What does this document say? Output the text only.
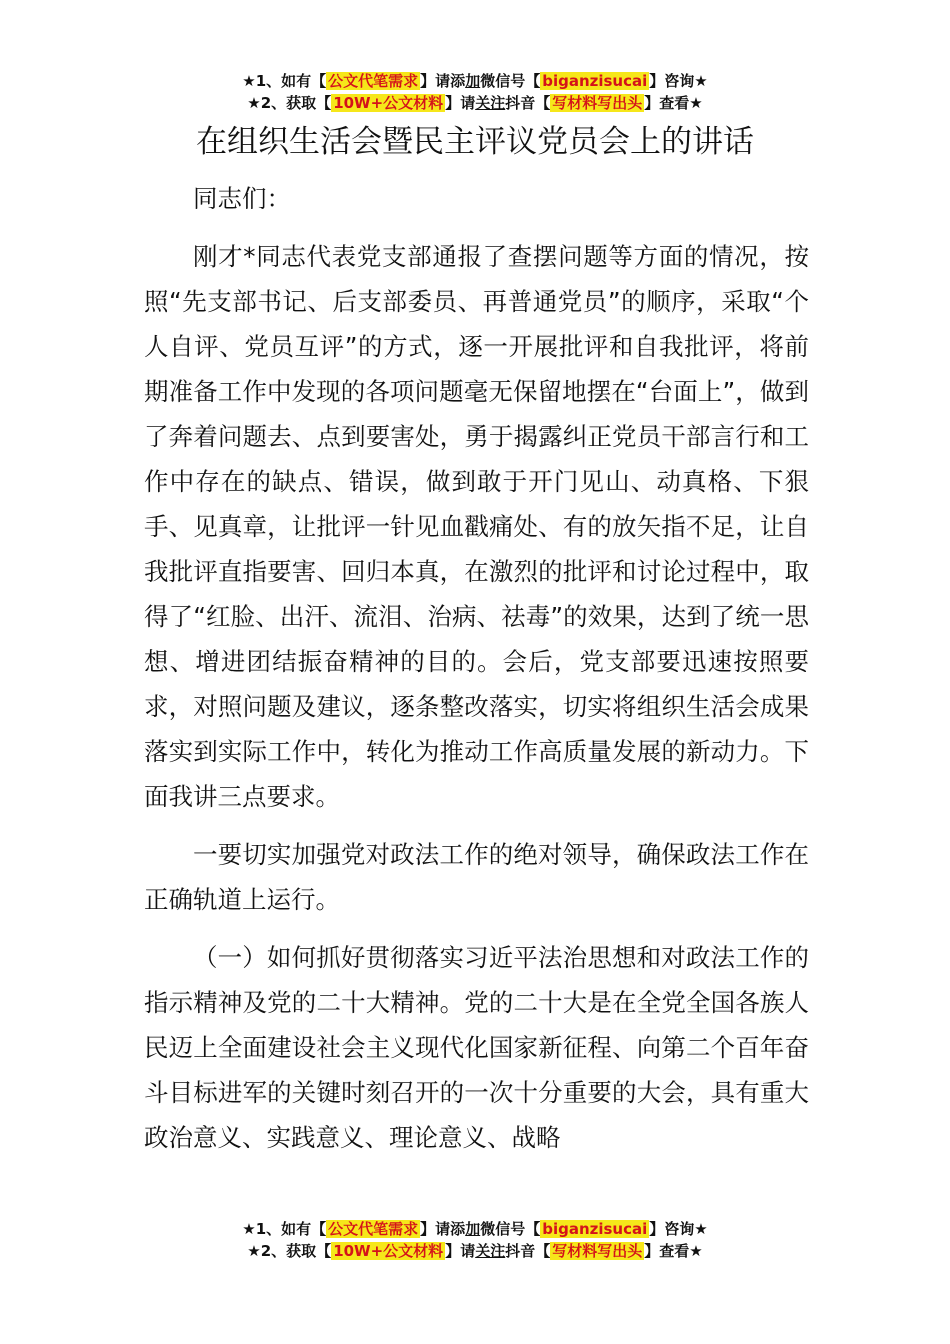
★1、如有【 公文代笔需求 】请添加微信号【 biganzisucai 】咨询★
★2、获取【 10W+公文材料 】请关注抖音【 写材料写出头 】查看★
在组织生活会暨民主评议党员会上的讲话

同志们：

刚才*同志代表党支部通报了查摆问题等方面的情况，按照“先支部书记、后支部委员、再普通党员”的顺序，采取“个人自评、党员互评”的方式，逐一开展批评和自我批评，将前期准备工作中发现的各项问题毫无保留地摆在“台面上”，做到了奔着问题去、点到要害处，勇于揭露纠正党员干部言行和工作中存在的缺点、错误，做到敢于开门见山、动真格、下狠手、见真章，让批评一针见血戳痛处、有的放矢指不足，让自我批评直指要害、回归本真，在激烈的批评和讨论过程中，取得了“红脸、出汗、流泪、治病、祛毒”的效果，达到了统一思想、增进团结振奋精神的目的。会后，党支部要迅速按照要求，对照问题及建议，逐条整改落实，切实将组织生活会成果落实到实际工作中，转化为推动工作高质量发展的新动力。下面我讲三点要求。

一要切实加强党对政法工作的绝对领导，确保政法工作在正确轨道上运行。

（一）如何抓好贯彻落实习近平法治思想和对政法工作的指示精神及党的二十大精神。党的二十大是在全党全国各族人民迈上全面建设社会主义现代化国家新征程、向第二个百年奋斗目标进军的关键时刻召开的一次十分重要的大会，具有重大政治意义、实践意义、理论意义、战略

★1、如有【 公文代笔需求 】请添加微信号【 biganzisucai 】咨询★
★2、获取【 10W+公文材料 】请关注抖音【 写材料写出头 】查看★
